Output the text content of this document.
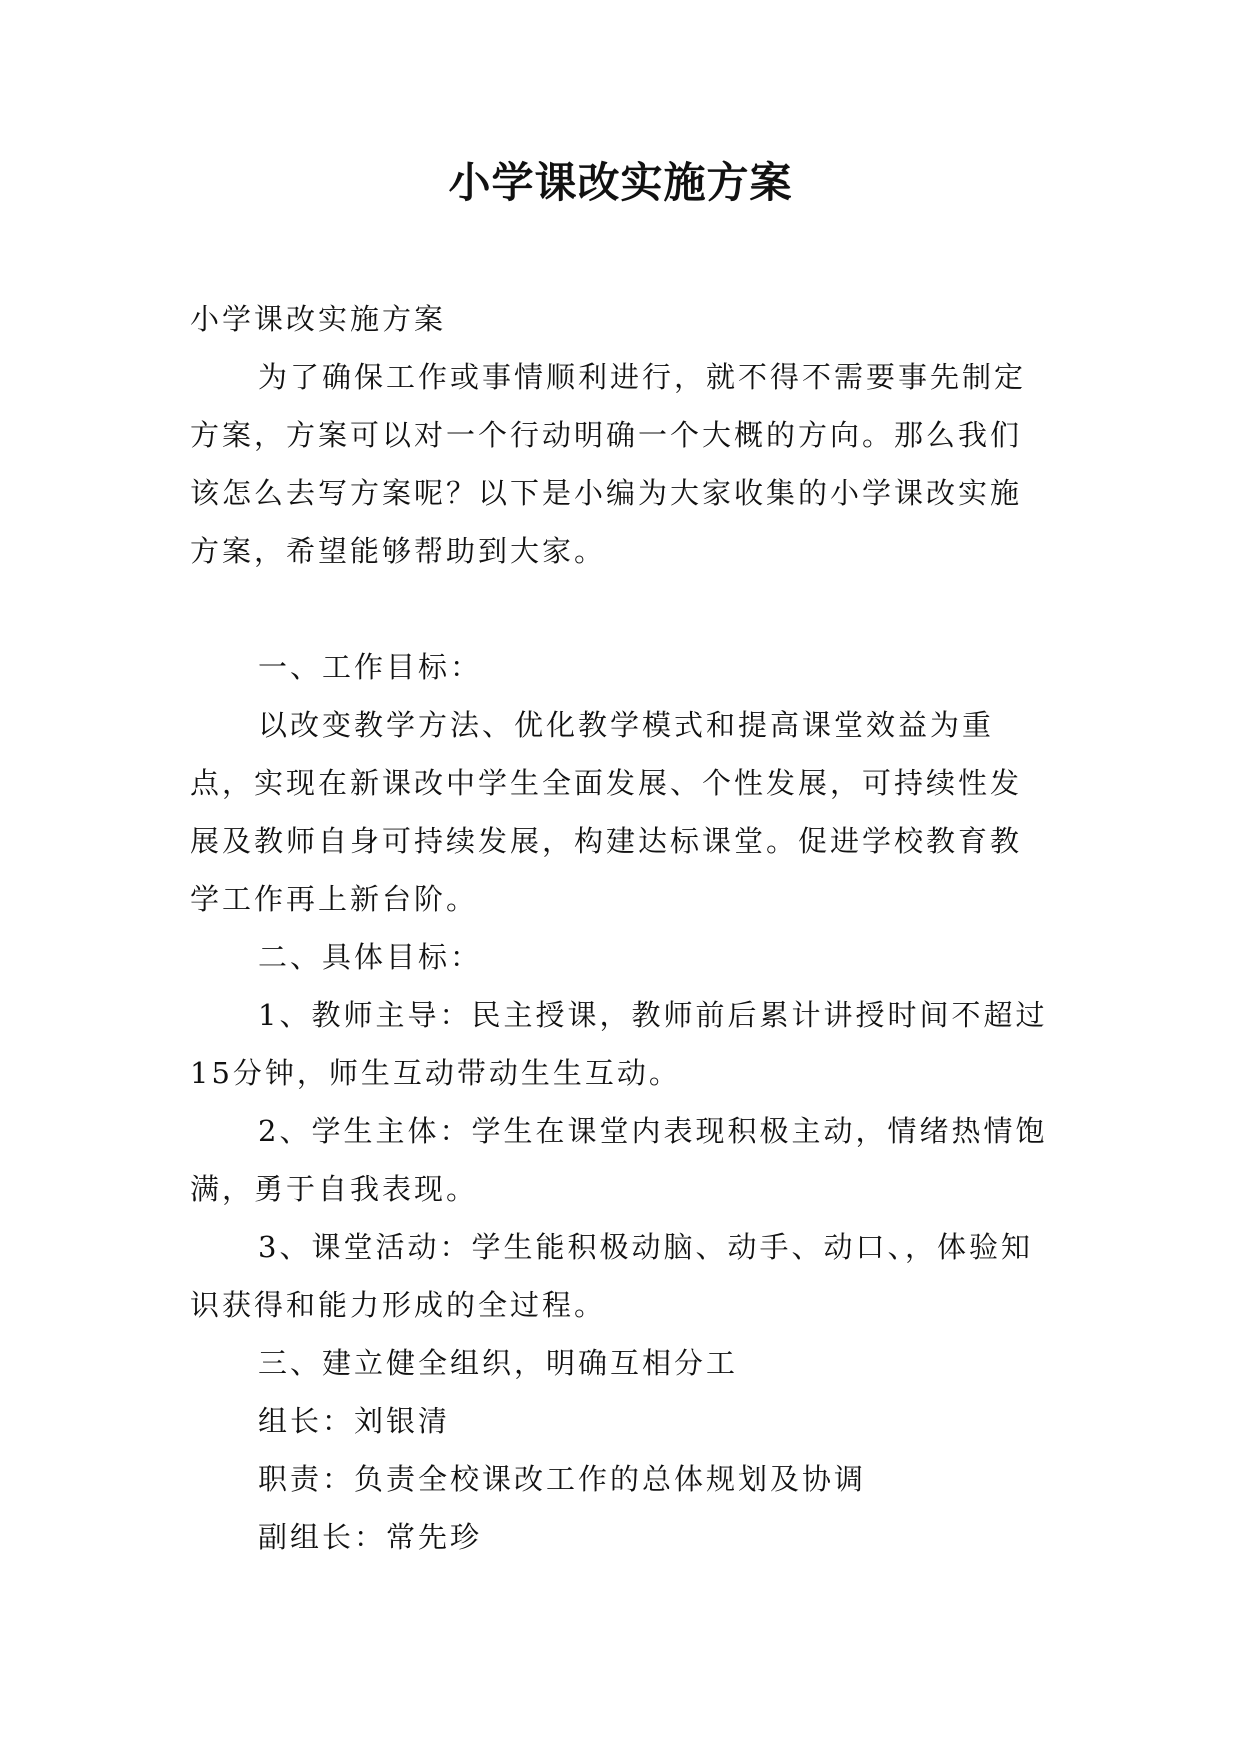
小学课改实施方案

小学课改实施方案

为了确保工作或事情顺利进行，就不得不需要事先制定方案，方案可以对一个行动明确一个大概的方向。那么我们该怎么去写方案呢？以下是小编为大家收集的小学课改实施方案，希望能够帮助到大家。

一、工作目标：

以改变教学方法、优化教学模式和提高课堂效益为重点，实现在新课改中学生全面发展、个性发展，可持续性发展及教师自身可持续发展，构建达标课堂。促进学校教育教学工作再上新台阶。

二、具体目标：

1、教师主导：民主授课，教师前后累计讲授时间不超过15分钟，师生互动带动生生互动。

2、学生主体：学生在课堂内表现积极主动，情绪热情饱满，勇于自我表现。

3、课堂活动：学生能积极动脑、动手、动口、，体验知识获得和能力形成的全过程。

三、建立健全组织，明确互相分工

组长：刘银清

职责：负责全校课改工作的总体规划及协调

副组长：常先珍
